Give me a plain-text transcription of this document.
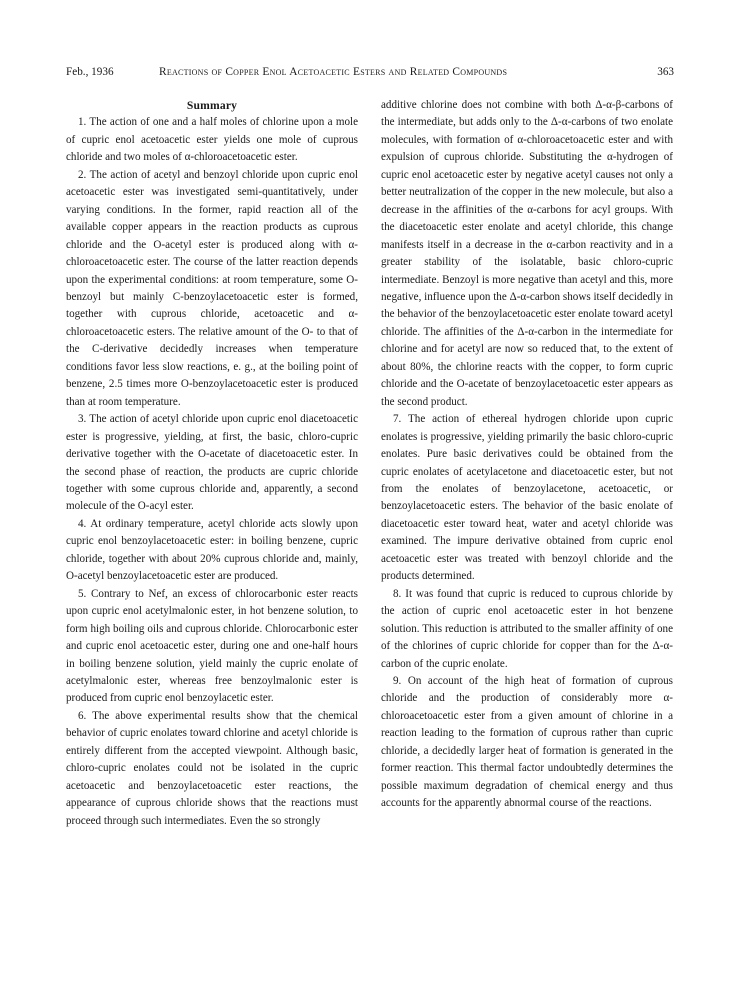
Feb., 1936	Reactions of Copper Enol Acetoacetic Esters and Related Compounds	363

Summary

1. The action of one and a half moles of chlorine upon a mole of cupric enol acetoacetic ester yields one mole of cuprous chloride and two moles of α-chloroacetoacetic ester.

2. The action of acetyl and benzoyl chloride upon cupric enol acetoacetic ester was investigated semi-quantitatively, under varying conditions. In the former, rapid reaction all of the available copper appears in the reaction products as cuprous chloride and the O-acetyl ester is produced along with α-chloroacetoacetic ester. The course of the latter reaction depends upon the experimental conditions: at room temperature, some O-benzoyl but mainly C-benzoylacetoacetic ester is formed, together with cuprous chloride, acetoacetic and α-chloroacetoacetic esters. The relative amount of the O- to that of the C-derivative decidedly increases when temperature conditions favor less slow reactions, e. g., at the boiling point of benzene, 2.5 times more O-benzoylacetoacetic ester is produced than at room temperature.

3. The action of acetyl chloride upon cupric enol diacetoacetic ester is progressive, yielding, at first, the basic, chloro-cupric derivative together with the O-acetate of diacetoacetic ester. In the second phase of reaction, the products are cupric chloride together with some cuprous chloride and, apparently, a second molecule of the O-acyl ester.

4. At ordinary temperature, acetyl chloride acts slowly upon cupric enol benzoylacetoacetic ester: in boiling benzene, cupric chloride, together with about 20% cuprous chloride and, mainly, O-acetyl benzoylacetoacetic ester are produced.

5. Contrary to Nef, an excess of chlorocarbonic ester reacts upon cupric enol acetylmalonic ester, in hot benzene solution, to form high boiling oils and cuprous chloride. Chlorocarbonic ester and cupric enol acetoacetic ester, during one and one-half hours in boiling benzene solution, yield mainly the cupric enolate of acetylmalonic ester, whereas free benzoylmalonic ester is produced from cupric enol benzoylacetic ester.

6. The above experimental results show that the chemical behavior of cupric enolates toward chlorine and acetyl chloride is entirely different from the accepted viewpoint. Although basic, chloro-cupric enolates could not be isolated in the cupric acetoacetic and benzoylacetoacetic ester reactions, the appearance of cuprous chloride shows that the reactions must proceed through such intermediates. Even the so strongly

additive chlorine does not combine with both Δ-α-β-carbons of the intermediate, but adds only to the Δ-α-carbons of two enolate molecules, with formation of α-chloroacetoacetic ester and with expulsion of cuprous chloride. Substituting the α-hydrogen of cupric enol acetoacetic ester by negative acetyl causes not only a better neutralization of the copper in the new molecule, but also a decrease in the affinities of the α-carbons for acyl groups. With the diacetoacetic ester enolate and acetyl chloride, this change manifests itself in a decrease in the α-carbon reactivity and in a greater stability of the isolatable, basic chloro-cupric intermediate. Benzoyl is more negative than acetyl and this, more negative, influence upon the Δ-α-carbon shows itself decidedly in the behavior of the benzoylacetoacetic ester enolate toward acetyl chloride. The affinities of the Δ-α-carbon in the intermediate for chlorine and for acetyl are now so reduced that, to the extent of about 80%, the chlorine reacts with the copper, to form cupric chloride and the O-acetate of benzoylacetoacetic ester appears as the second product.

7. The action of ethereal hydrogen chloride upon cupric enolates is progressive, yielding primarily the basic chloro-cupric enolates. Pure basic derivatives could be obtained from the cupric enolates of acetylacetone and diacetoacetic ester, but not from the enolates of benzoylacetone, acetoacetic, or benzoylacetoacetic esters. The behavior of the basic enolate of diacetoacetic ester toward heat, water and acetyl chloride was examined. The impure derivative obtained from cupric enol acetoacetic ester was treated with benzoyl chloride and the products determined.

8. It was found that cupric is reduced to cuprous chloride by the action of cupric enol acetoacetic ester in hot benzene solution. This reduction is attributed to the smaller affinity of one of the chlorines of cupric chloride for copper than for the Δ-α-carbon of the cupric enolate.

9. On account of the high heat of formation of cuprous chloride and the production of considerably more α-chloroacetoacetic ester from a given amount of chlorine in a reaction leading to the formation of cuprous rather than cupric chloride, a decidedly larger heat of formation is generated in the former reaction. This thermal factor undoubtedly determines the possible maximum degradation of chemical energy and thus accounts for the apparently abnormal course of the reactions.
